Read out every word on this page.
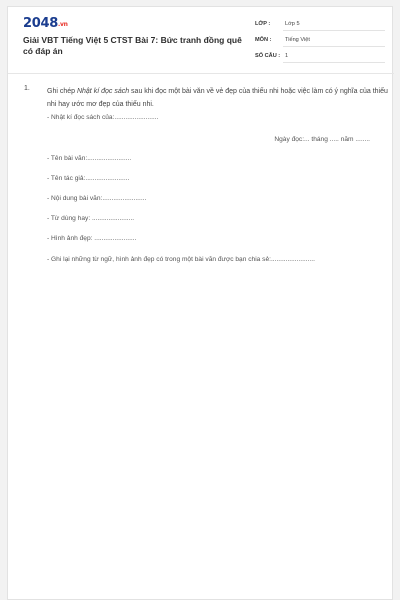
2048.vn
Giải VBT Tiếng Việt 5 CTST Bài 7: Bức tranh đồng quê có đáp án
LỚP :	Lớp 5
MÔN : Tiếng Việt
SỐ CÂU : 1
1. Ghi chép Nhật kí đọc sách sau khi đọc một bài văn về vẻ đẹp của thiếu nhi hoặc việc làm có ý nghĩa của thiếu nhi hay ước mơ đẹp của thiếu nhi.
- Nhật kí đọc sách của:........................
Ngày đọc:... tháng ..... năm ........
- Tên bài văn:........................
- Tên tác giả:........................
- Nội dung bài văn:........................
- Từ dùng hay: .......................
- Hình ảnh đẹp: .......................
- Ghi lại những từ ngữ, hình ảnh đẹp có trong một bài văn được bạn chia sẻ:........................
